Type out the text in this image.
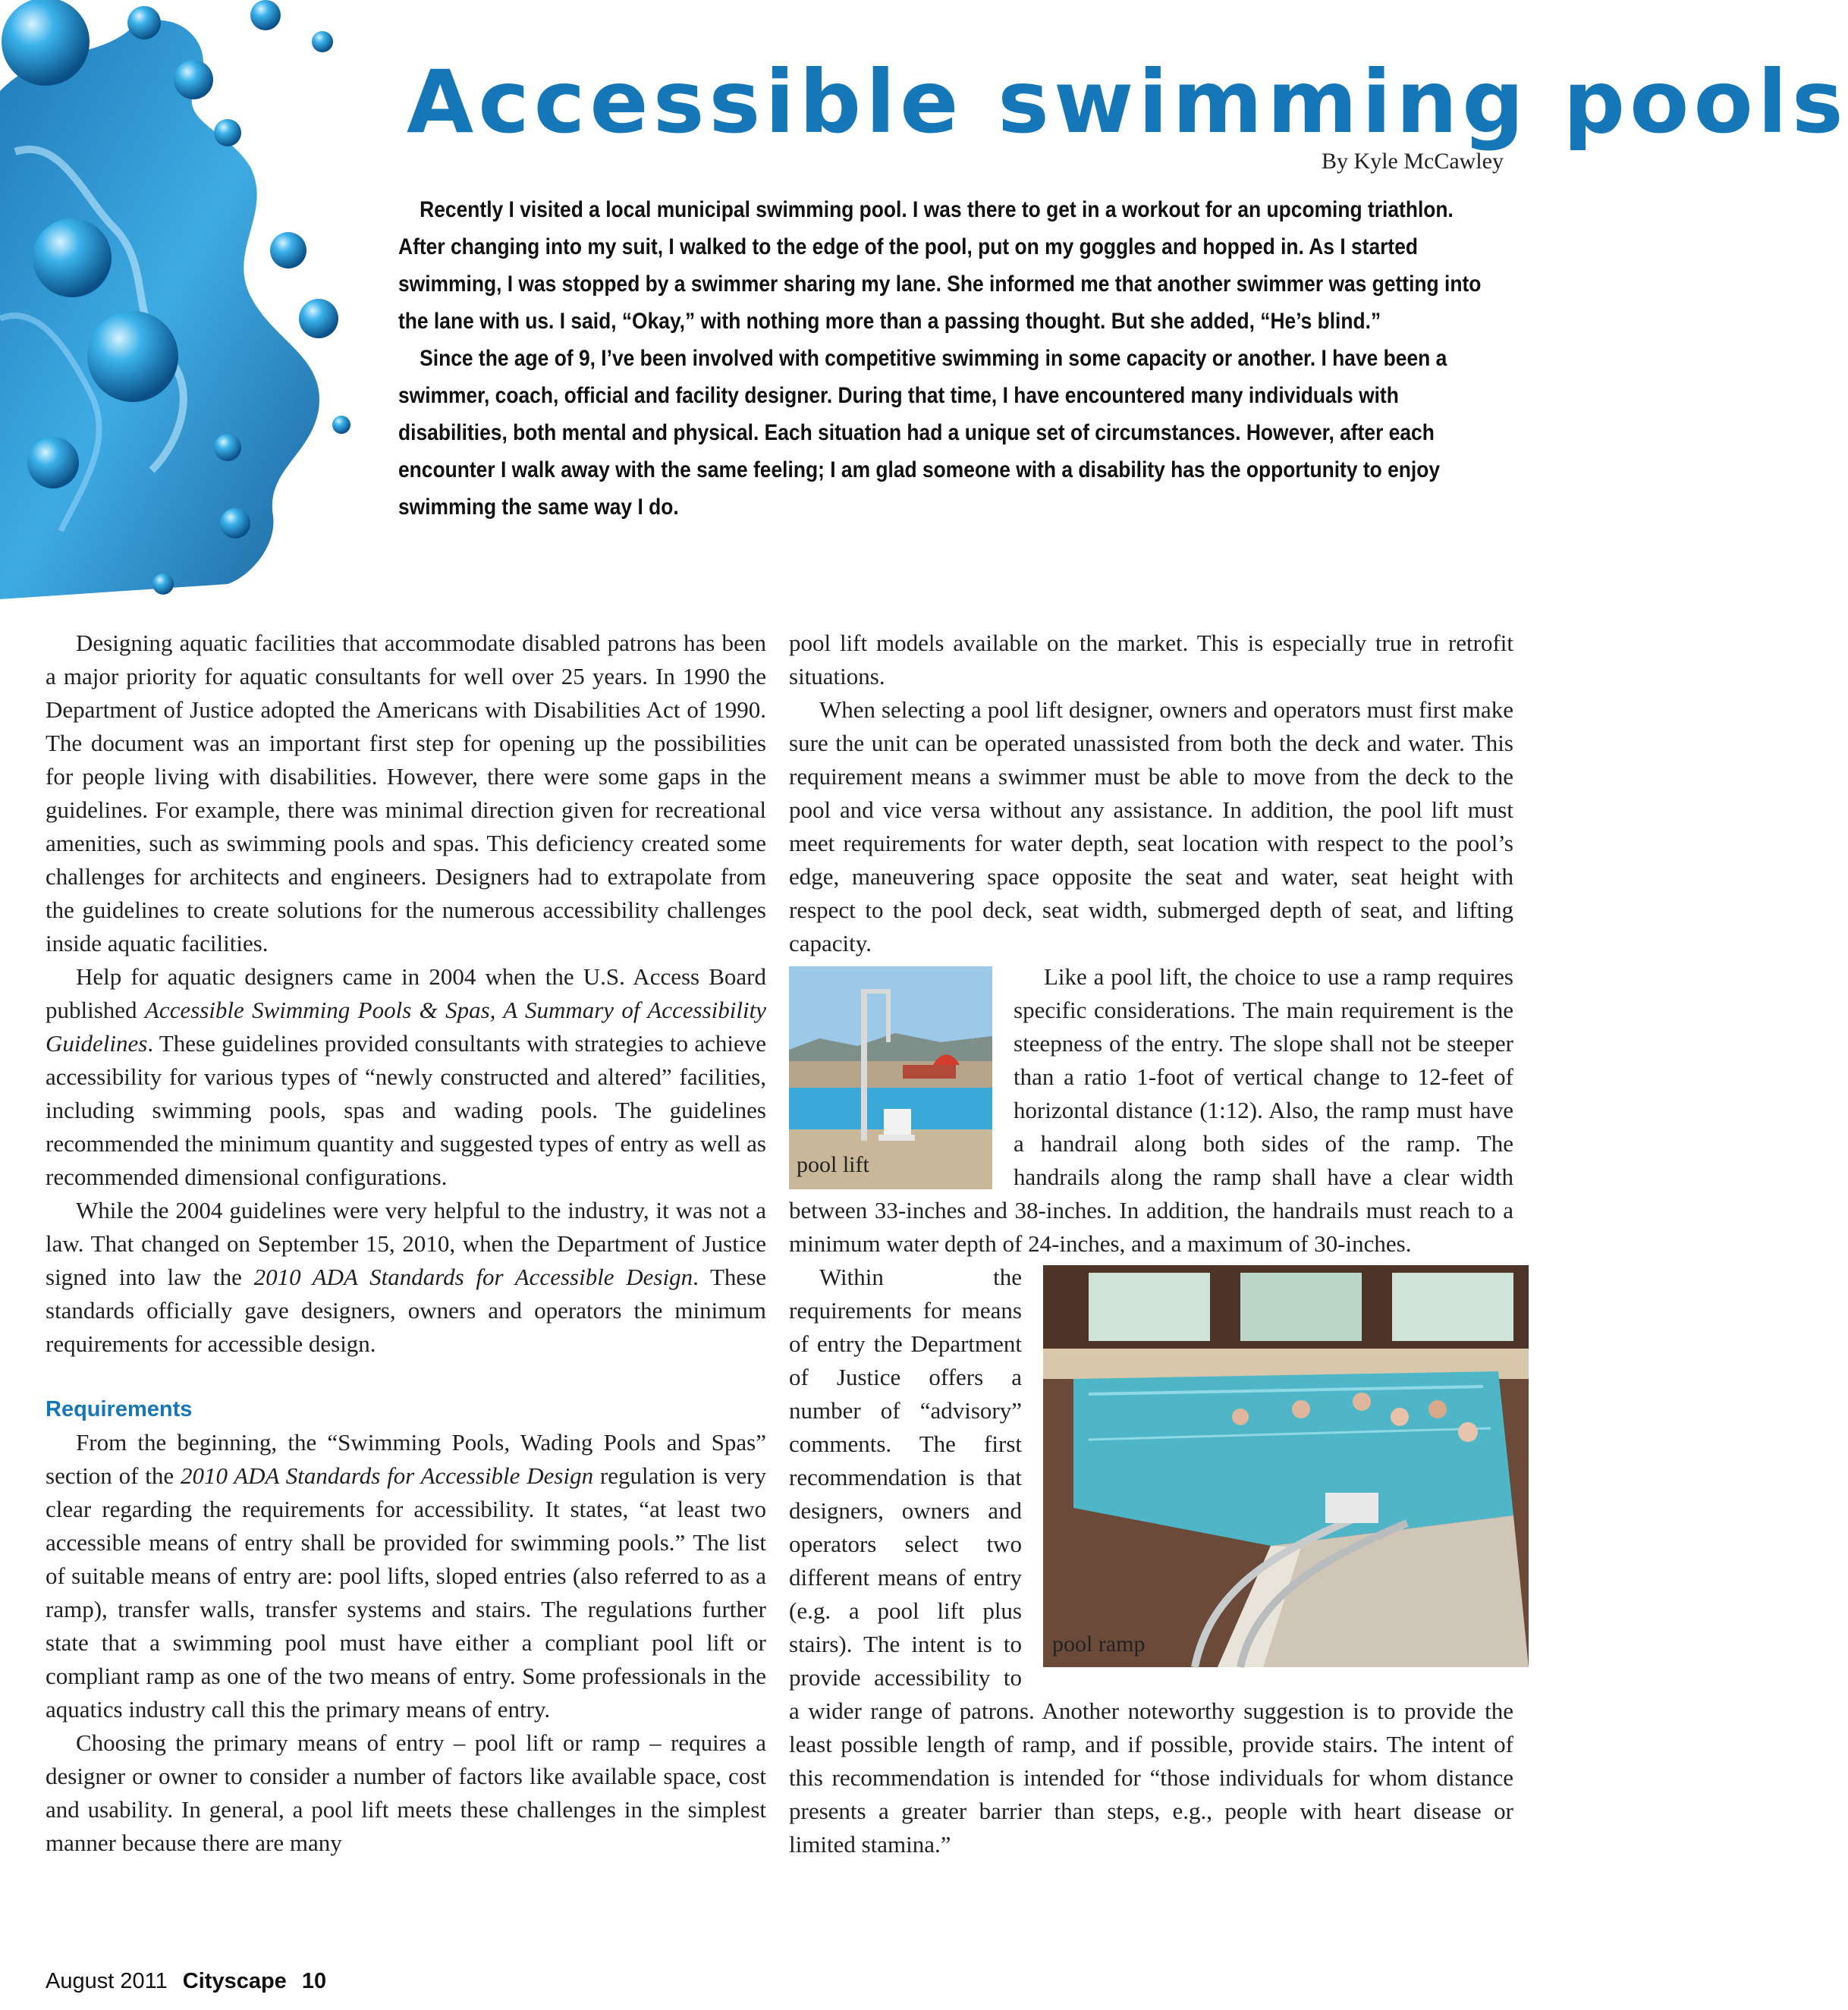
Accessible swimming pools
By Kyle McCawley

Recently I visited a local municipal swimming pool. I was there to get in a workout for an upcoming triathlon. After changing into my suit, I walked to the edge of the pool, put on my goggles and hopped in. As I started swimming, I was stopped by a swimmer sharing my lane. She informed me that another swimmer was getting into the lane with us. I said, “Okay,” with nothing more than a passing thought. But she added, “He’s blind.”

Since the age of 9, I’ve been involved with competitive swimming in some capacity or another. I have been a swimmer, coach, official and facility designer. During that time, I have encountered many individuals with disabilities, both mental and physical. Each situation had a unique set of circumstances. However, after each encounter I walk away with the same feeling; I am glad someone with a disability has the opportunity to enjoy swimming the same way I do.

Designing aquatic facilities that accommodate disabled patrons has been a major priority for aquatic consultants for well over 25 years. In 1990 the Department of Justice adopted the Americans with Disabilities Act of 1990. The document was an important first step for opening up the possibilities for people living with disabilities. However, there were some gaps in the guidelines. For example, there was minimal direction given for recreational amenities, such as swimming pools and spas. This deficiency created some challenges for architects and engineers. Designers had to extrapolate from the guidelines to create solutions for the numerous accessibility challenges inside aquatic facilities.

Help for aquatic designers came in 2004 when the U.S. Access Board published Accessible Swimming Pools & Spas, A Summary of Accessibility Guidelines. These guidelines provided consultants with strategies to achieve accessibility for various types of “newly constructed and altered” facilities, including swimming pools, spas and wading pools. The guidelines recommended the minimum quantity and suggested types of entry as well as recommended dimensional configurations.

While the 2004 guidelines were very helpful to the industry, it was not a law. That changed on September 15, 2010, when the Department of Justice signed into law the 2010 ADA Standards for Accessible Design. These standards officially gave designers, owners and operators the minimum requirements for accessible design.

Requirements

From the beginning, the “Swimming Pools, Wading Pools and Spas” section of the 2010 ADA Standards for Accessible Design regulation is very clear regarding the requirements for accessibility. It states, “at least two accessible means of entry shall be provided for swimming pools.” The list of suitable means of entry are: pool lifts, sloped entries (also referred to as a ramp), transfer walls, transfer systems and stairs. The regulations further state that a swimming pool must have either a compliant pool lift or compliant ramp as one of the two means of entry. Some professionals in the aquatics industry call this the primary means of entry.

Choosing the primary means of entry – pool lift or ramp – requires a designer or owner to consider a number of factors like available space, cost and usability. In general, a pool lift meets these challenges in the simplest manner because there are many

pool lift models available on the market. This is especially true in retrofit situations.

When selecting a pool lift designer, owners and operators must first make sure the unit can be operated unassisted from both the deck and water. This requirement means a swimmer must be able to move from the deck to the pool and vice versa without any assistance. In addition, the pool lift must meet requirements for water depth, seat location with respect to the pool’s edge, maneuvering space opposite the seat and water, seat height with respect to the pool deck, seat width, submerged depth of seat, and lifting capacity.

pool lift

Like a pool lift, the choice to use a ramp requires specific considerations. The main requirement is the steepness of the entry. The slope shall not be steeper than a ratio 1-foot of vertical change to 12-feet of horizontal distance (1:12). Also, the ramp must have a handrail along both sides of the ramp. The handrails along the ramp shall have a clear width between 33-inches and 38-inches. In addition, the handrails must reach to a minimum water depth of 24-inches, and a maximum of 30-inches.

pool ramp

Within the requirements for means of entry the Department of Justice offers a number of “advisory” comments. The first recommendation is that designers, owners and operators select two different means of entry (e.g. a pool lift plus stairs). The intent is to provide accessibility to a wider range of patrons. Another noteworthy suggestion is to provide the least possible length of ramp, and if possible, provide stairs. The intent of this recommendation is intended for “those individuals for whom distance presents a greater barrier than steps, e.g., people with heart disease or limited stamina.”

August 2011 Cityscape 10
